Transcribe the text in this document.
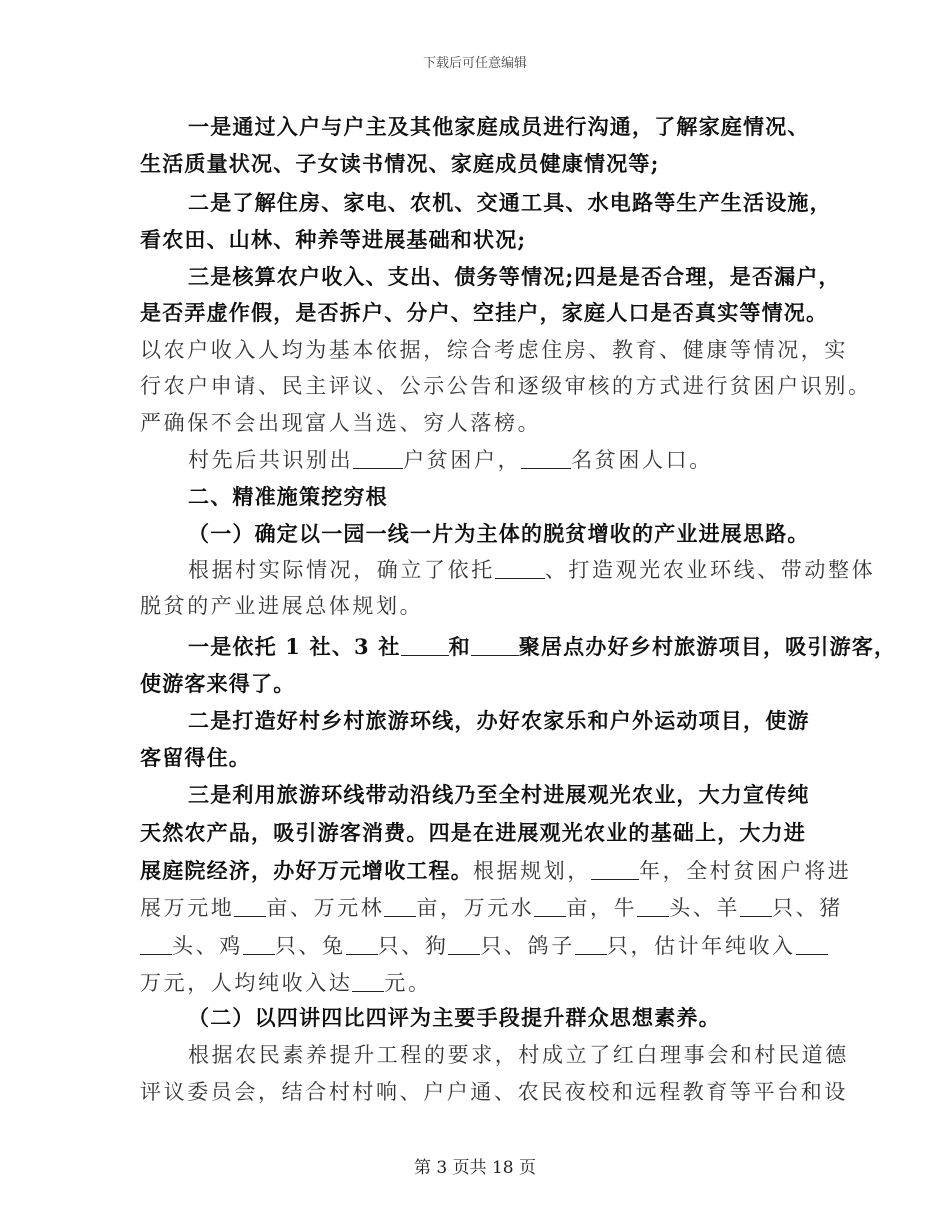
下载后可任意编辑
一是通过入户与户主及其他家庭成员进行沟通，了解家庭情况、
生活质量状况、子女读书情况、家庭成员健康情况等;
二是了解住房、家电、农机、交通工具、水电路等生产生活设施，
看农田、山林、种养等进展基础和状况;
三是核算农户收入、支出、债务等情况;四是是否合理，是否漏户，
是否弄虚作假，是否拆户、分户、空挂户，家庭人口是否真实等情况。
以农户收入人均为基本依据，综合考虑住房、教育、健康等情况，实
行农户申请、民主评议、公示公告和逐级审核的方式进行贫困户识别。
严确保不会出现富人当选、穷人落榜。
村先后共识别出 户贫困户， 名贫困人口。
二、精准施策挖穷根
（一）确定以一园一线一片为主体的脱贫增收的产业进展思路。
根据村实际情况，确立了依托 、打造观光农业环线、带动整体
脱贫的产业进展总体规划。
一是依托 1 社、3 社 和 聚居点办好乡村旅游项目，吸引游客，
使游客来得了。
二是打造好村乡村旅游环线，办好农家乐和户外运动项目，使游
客留得住。
三是利用旅游环线带动沿线乃至全村进展观光农业，大力宣传纯
天然农产品，吸引游客消费。四是在进展观光农业的基础上，大力进
展庭院经济，办好万元增收工程。根据规划， 年，全村贫困户将进
展万元地 亩、万元林 亩，万元水 亩，牛 头、羊 只、猪
头、鸡 只、兔 只、狗 只、鸽子 只，估计年纯收入
万元，人均纯收入达 元。
（二）以四讲四比四评为主要手段提升群众思想素养。
根据农民素养提升工程的要求，村成立了红白理事会和村民道德
评议委员会，结合村村响、户户通、农民夜校和远程教育等平台和设
第 3 页共 18 页
